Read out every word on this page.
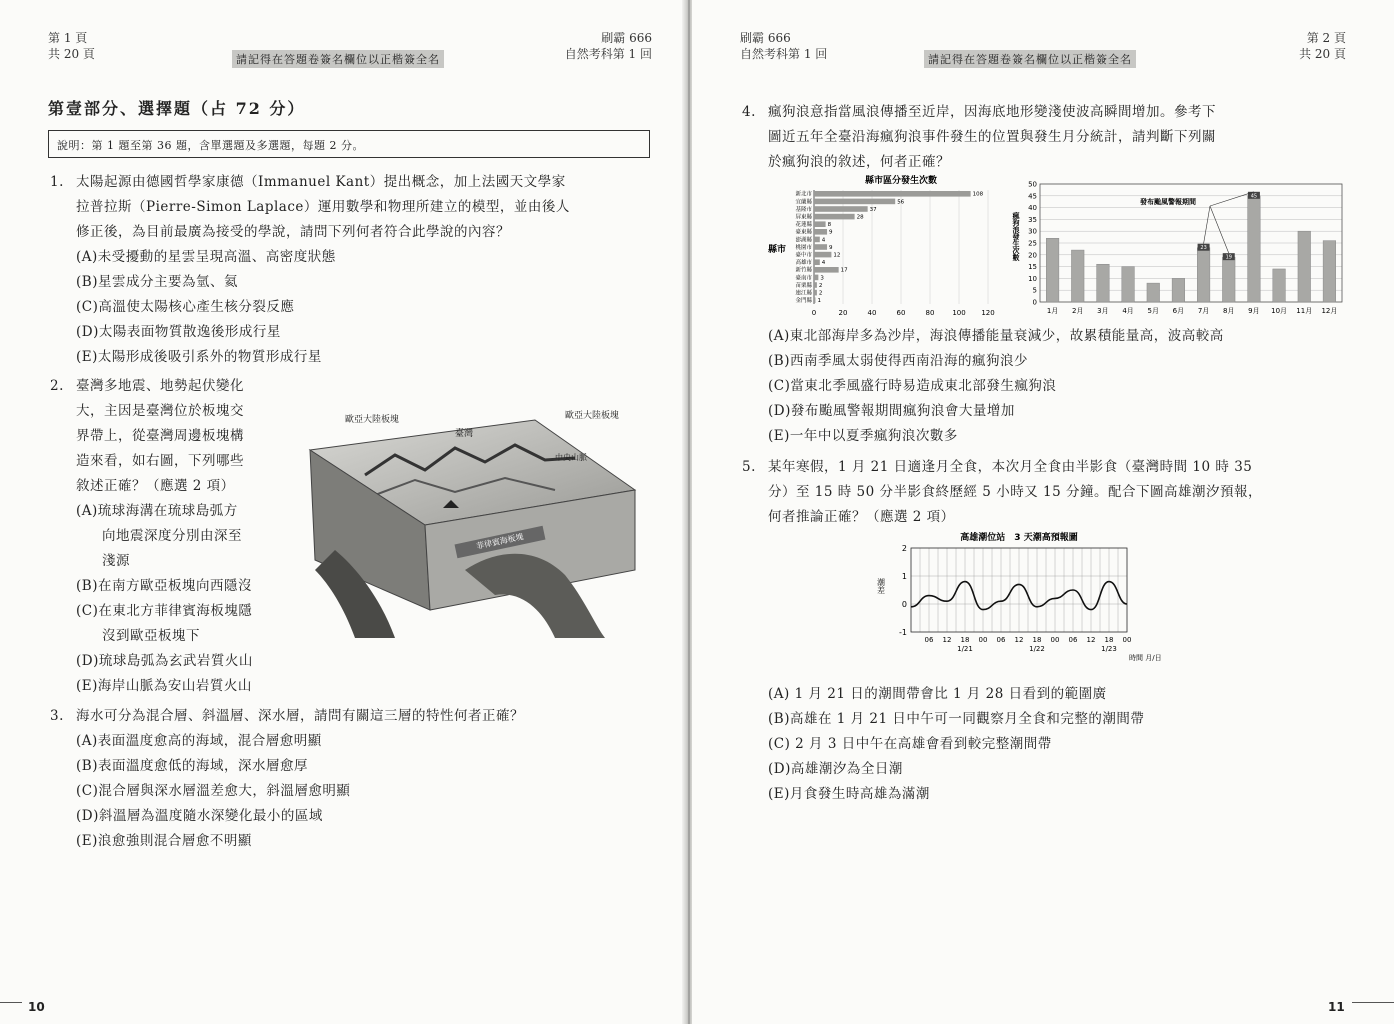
第 1 頁
共 20 頁	請記得在答題卷簽名欄位以正楷簽全名
刷霸 666
自然考科第 1 回
第壹部分、選擇題（占 72 分）
說明：第 1 題至第 36 題，含單選題及多選題，每題 2 分。
1. 太陽起源由德國哲學家康德（Immanuel Kant）提出概念，加上法國天文學家
拉普拉斯（Pierre-Simon Laplace）運用數學和物理所建立的模型，並由後人
修正後，為目前最廣為接受的學說，請問下列何者符合此學說的內容？
(A)未受擾動的星雲呈現高溫、高密度狀態
(B)星雲成分主要為氫、氦
(C)高溫使太陽核心產生核分裂反應
(D)太陽表面物質散逸後形成行星
(E)太陽形成後吸引系外的物質形成行星
2. 臺灣多地震、地勢起伏變化
大，主因是臺灣位於板塊交
界帶上，從臺灣周邊板塊構
造來看，如右圖，下列哪些
敘述正確？（應選 2 項）
(A)琉球海溝在琉球島弧方
向地震深度分別由深至
淺源
(B)在南方歐亞板塊向西隱沒
(C)在東北方菲律賓海板塊隱
沒到歐亞板塊下
(D)琉球島弧為玄武岩質火山
(E)海岸山脈為安山岩質火山
菲律賓海板塊
歐亞大陸板塊	歐亞大陸板塊
臺灣
中央山脈
3. 海水可分為混合層、斜溫層、深水層，請問有關這三層的特性何者正確？
(A)表面溫度愈高的海域，混合層愈明顯
(B)表面溫度愈低的海域，深水層愈厚
(C)混合層與深水層溫差愈大，斜溫層愈明顯
(D)斜溫層為溫度隨水深變化最小的區域
(E)浪愈強則混合層愈不明顯
10
刷霸 666
自然考科第 1 回	請記得在答題卷簽名欄位以正楷簽全名
第 2 頁
共 20 頁
4. 瘋狗浪意指當風浪傳播至近岸，因海底地形變淺使波高瞬間增加。參考下
圖近五年全臺沿海瘋狗浪事件發生的位置與發生月分統計，請判斷下列關
於瘋狗浪的敘述，何者正確？
縣市區分發生次數
縣市
0	20	40	60	80	100 120
新北市	108
宜蘭縣	56
基隆市	37
屏東縣	28
花蓮縣	8
臺東縣	9
澎湖縣 4
桃園市	9
臺中市	12
高雄市 4
新竹縣	17
臺南市 3
苗栗縣 2
連江縣 2
金門縣 1
瘋狗浪發生次數
0
5
10
15
20
25
30
35
40
45
50
1月 2月 3月 4月 5月 6月 7月 8月 9月 10月 11月 12月
發布颱風警報期間
23
19
45
(A)東北部海岸多為沙岸，海浪傳播能量衰減少，故累積能量高，波高較高
(B)西南季風太弱使得西南沿海的瘋狗浪少
(C)當東北季風盛行時易造成東北部發生瘋狗浪
(D)發布颱風警報期間瘋狗浪會大量增加
(E)一年中以夏季瘋狗浪次數多
5. 某年寒假，1 月 21 日適逢月全食，本次月全食由半影食（臺灣時間 10 時 35
分）至 15 時 50 分半影食終歷經 5 小時又 15 分鐘。配合下圖高雄潮汐預報，
何者推論正確？（應選 2 項）
高雄潮位站　3 天潮高預報圖
潮差
-1
0
1
2
06 12 18 00 06 12 18 00 06 12 18 00
1/21	1/22	1/23
時間 月/日
(A) 1 月 21 日的潮間帶會比 1 月 28 日看到的範圍廣
(B)高雄在 1 月 21 日中午可一同觀察月全食和完整的潮間帶
(C) 2 月 3 日中午在高雄會看到較完整潮間帶
(D)高雄潮汐為全日潮
(E)月食發生時高雄為滿潮
11
